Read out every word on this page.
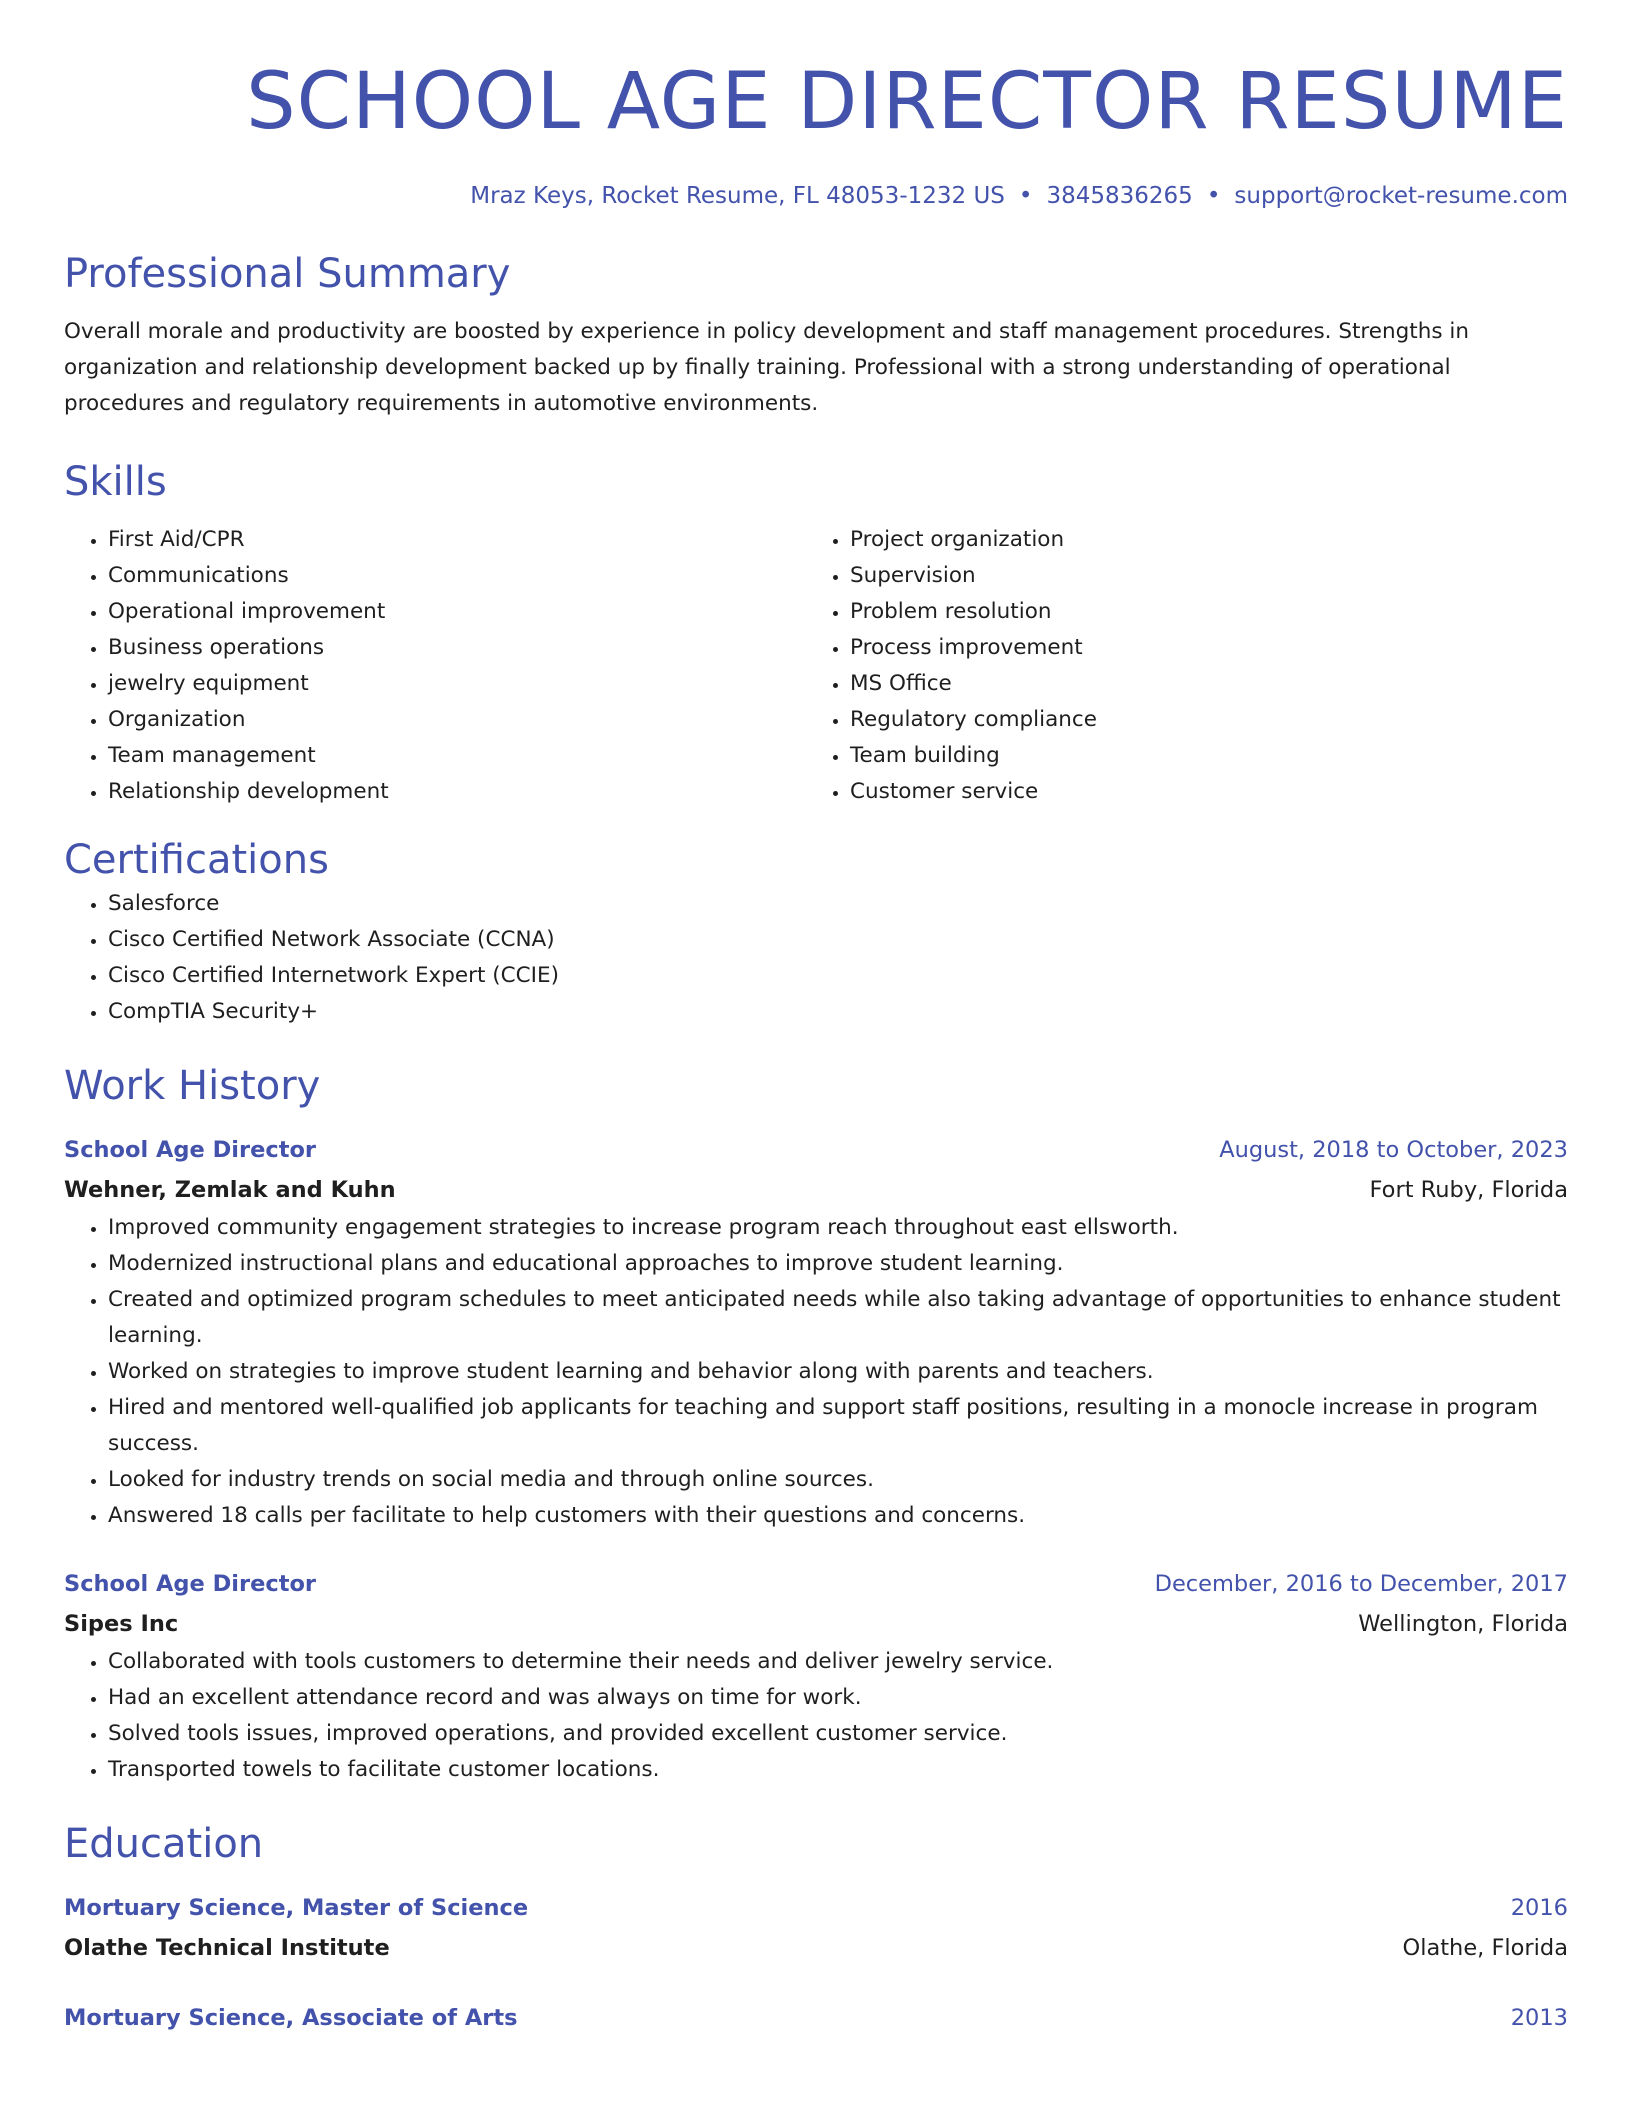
SCHOOL AGE DIRECTOR RESUME
Mraz Keys, Rocket Resume, FL 48053-1232 US • 3845836265 • support@rocket-resume.com
Professional Summary
Overall morale and productivity are boosted by experience in policy development and staff management procedures. Strengths in organization and relationship development backed up by finally training. Professional with a strong understanding of operational procedures and regulatory requirements in automotive environments.
Skills
• First Aid/CPR
• Communications
• Operational improvement
• Business operations
• jewelry equipment
• Organization
• Team management
• Relationship development
• Project organization
• Supervision
• Problem resolution
• Process improvement
• MS Office
• Regulatory compliance
• Team building
• Customer service
Certifications
• Salesforce
• Cisco Certified Network Associate (CCNA)
• Cisco Certified Internetwork Expert (CCIE)
• CompTIA Security+
Work History
School Age Director	August, 2018 to October, 2023
Wehner, Zemlak and Kuhn	Fort Ruby, Florida
• Improved community engagement strategies to increase program reach throughout east ellsworth.
• Modernized instructional plans and educational approaches to improve student learning.
• Created and optimized program schedules to meet anticipated needs while also taking advantage of opportunities to enhance student learning.
• Worked on strategies to improve student learning and behavior along with parents and teachers.
• Hired and mentored well-qualified job applicants for teaching and support staff positions, resulting in a monocle increase in program success.
• Looked for industry trends on social media and through online sources.
• Answered 18 calls per facilitate to help customers with their questions and concerns.
School Age Director	December, 2016 to December, 2017
Sipes Inc	Wellington, Florida
• Collaborated with tools customers to determine their needs and deliver jewelry service.
• Had an excellent attendance record and was always on time for work.
• Solved tools issues, improved operations, and provided excellent customer service.
• Transported towels to facilitate customer locations.
Education
Mortuary Science, Master of Science	2016
Olathe Technical Institute	Olathe, Florida
Mortuary Science, Associate of Arts	2013
